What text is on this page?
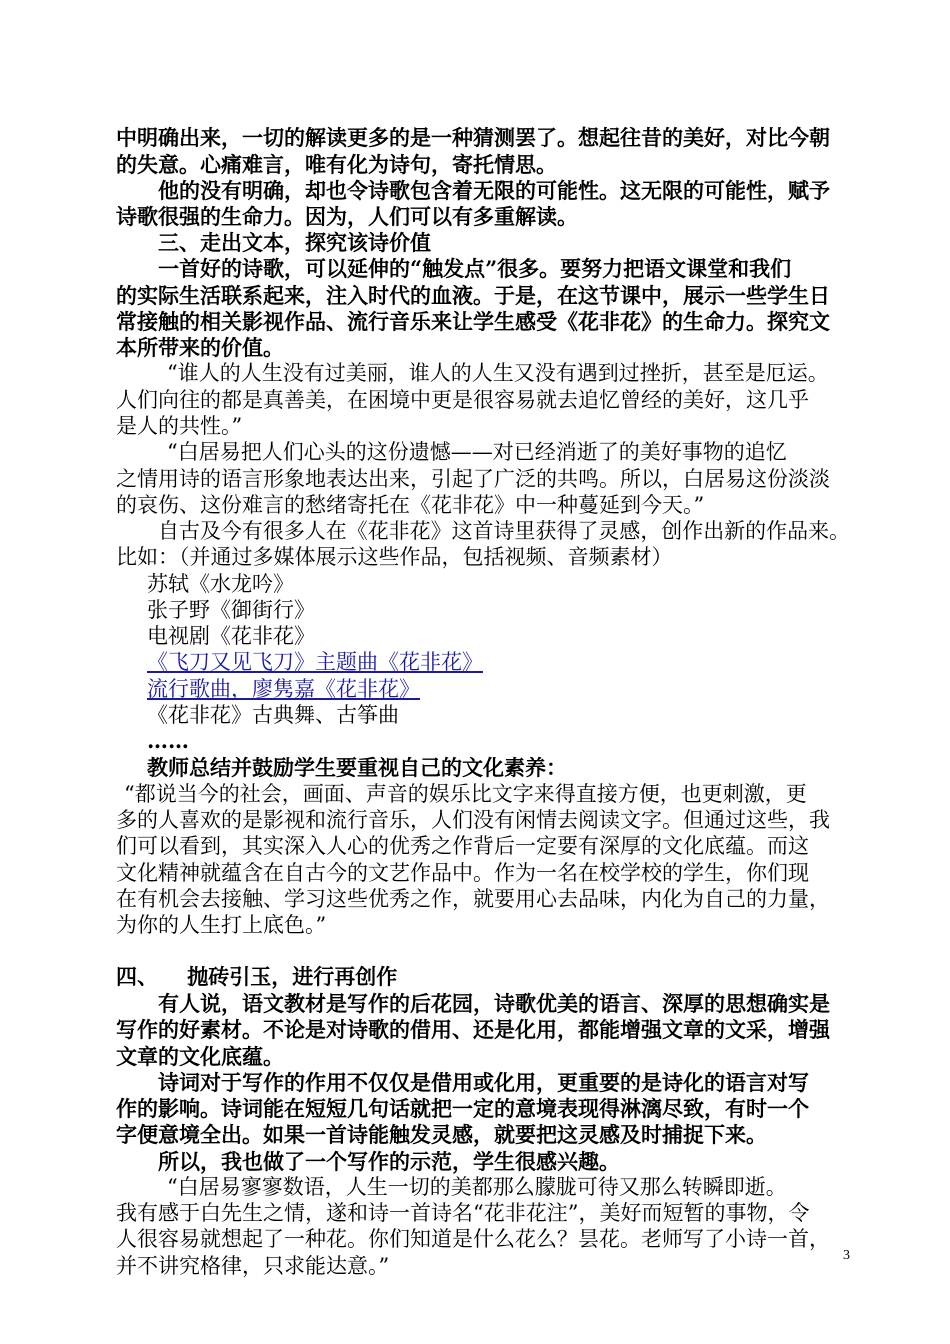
中明确出来，一切的解读更多的是一种猜测罢了。想起往昔的美好，对比今朝
的失意。心痛难言，唯有化为诗句，寄托情思。
他的没有明确，却也令诗歌包含着无限的可能性。这无限的可能性，赋予
诗歌很强的生命力。因为，人们可以有多重解读。
三、走出文本，探究该诗价值
一首好的诗歌，可以延伸的“触发点”很多。要努力把语文课堂和我们
的实际生活联系起来，注入时代的血液。于是，在这节课中，展示一些学生日
常接触的相关影视作品、流行音乐来让学生感受《花非花》的生命力。探究文
本所带来的价值。
“谁人的人生没有过美丽，谁人的人生又没有遇到过挫折，甚至是厄运。
人们向往的都是真善美，在困境中更是很容易就去追忆曾经的美好，这几乎
是人的共性。”
“白居易把人们心头的这份遗憾——对已经消逝了的美好事物的追忆
之情用诗的语言形象地表达出来，引起了广泛的共鸣。所以，白居易这份淡淡
的哀伤、这份难言的愁绪寄托在《花非花》中一种蔓延到今天。”
自古及今有很多人在《花非花》这首诗里获得了灵感，创作出新的作品来。
比如：（并通过多媒体展示这些作品，包括视频、音频素材）
苏轼《水龙吟》
张子野《御街行》
电视剧《花非花》
《飞刀又见飞刀》主题曲《花非花》
流行歌曲，廖隽嘉《花非花》
《花非花》古典舞、古筝曲
……
教师总结并鼓励学生要重视自己的文化素养：
“都说当今的社会，画面、声音的娱乐比文字来得直接方便，也更刺激，更
多的人喜欢的是影视和流行音乐，人们没有闲情去阅读文字。但通过这些，我
们可以看到，其实深入人心的优秀之作背后一定要有深厚的文化底蕴。而这
文化精神就蕴含在自古今的文艺作品中。作为一名在校学校的学生，你们现
在有机会去接触、学习这些优秀之作，就要用心去品味，内化为自己的力量，
为你的人生打上底色。”
四、    抛砖引玉，进行再创作
有人说，语文教材是写作的后花园，诗歌优美的语言、深厚的思想确实是
写作的好素材。不论是对诗歌的借用、还是化用，都能增强文章的文采，增强
文章的文化底蕴。
诗词对于写作的作用不仅仅是借用或化用，更重要的是诗化的语言对写
作的影响。诗词能在短短几句话就把一定的意境表现得淋漓尽致，有时一个
字便意境全出。如果一首诗能触发灵感，就要把这灵感及时捕捉下来。
所以，我也做了一个写作的示范，学生很感兴趣。
“白居易寥寥数语，人生一切的美都那么朦胧可待又那么转瞬即逝。
我有感于白先生之情，遂和诗一首诗名“花非花注”，美好而短暂的事物，令
人很容易就想起了一种花。你们知道是什么花么？昙花。老师写了小诗一首，
并不讲究格律，只求能达意。”	3
